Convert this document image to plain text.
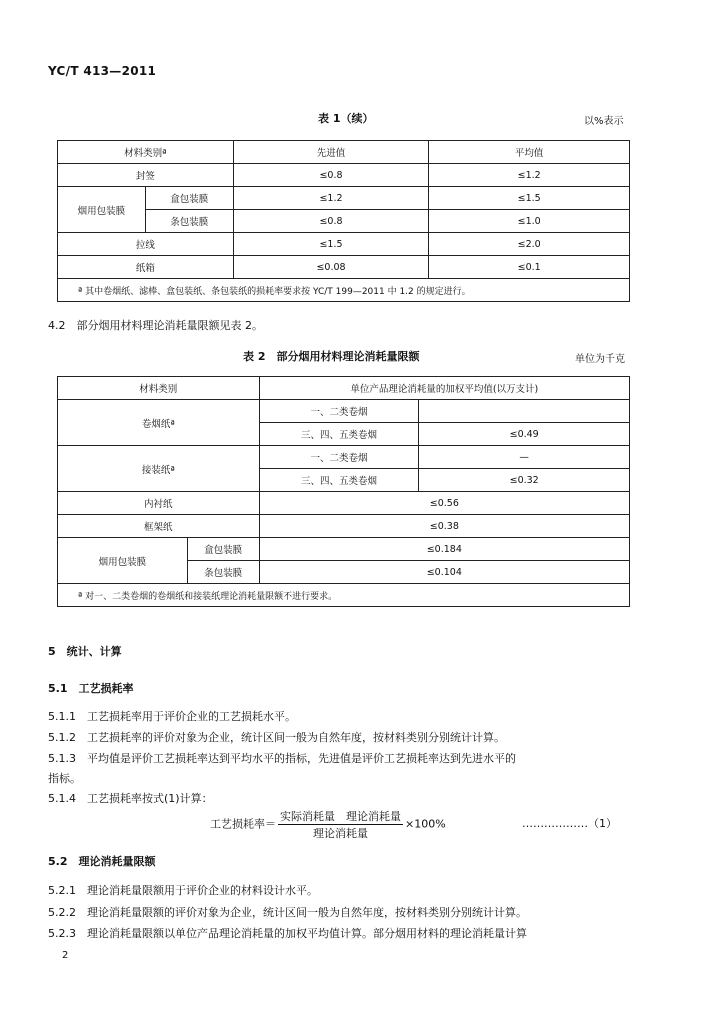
YC/T 413—2011
表 1（续）	以%表示
材料类别ª		先进值	平均值
封签		≤0.8	≤1.2
烟用包装膜	盒包装膜	≤1.2	≤1.5
	条包装膜	≤0.8	≤1.0
拉线		≤1.5	≤2.0
纸箱		≤0.08	≤0.1
ª 其中卷烟纸、滤棒、盒包装纸、条包装纸的损耗率要求按 YC/T 199—2011 中 1.2 的规定进行。			
4.2　部分烟用材料理论消耗量限额见表 2。
表 2　部分烟用材料理论消耗量限额	单位为千克
材料类别		单位产品理论消耗量的加权平均值(以万支计)	
卷烟纸ª		一、二类卷烟	
		三、四、五类卷烟	≤0.49
接装纸ª		一、二类卷烟	—
		三、四、五类卷烟	≤0.32
内衬纸		≤0.56	
框架纸		≤0.38	
烟用包装膜	盒包装膜	≤0.184	
	条包装膜	≤0.104	
ª 对一、二类卷烟的卷烟纸和接装纸理论消耗量限额不进行要求。			
5　统计、计算
5.1　工艺损耗率
5.1.1　工艺损耗率用于评价企业的工艺损耗水平。
5.1.2　工艺损耗率的评价对象为企业，统计区间一般为自然年度，按材料类别分别统计计算。
5.1.3　平均值是评价工艺损耗率达到平均水平的指标，先进值是评价工艺损耗率达到先进水平的
指标。
5.1.4　工艺损耗率按式(1)计算：
工艺损耗率＝ $\frac{\text{实际消耗量　理论消耗量}}{\text{理论消耗量}} \times 100\%$	………………（1）
5.2　理论消耗量限额
5.2.1　理论消耗量限额用于评价企业的材料设计水平。
5.2.2　理论消耗量限额的评价对象为企业，统计区间一般为自然年度，按材料类别分别统计计算。
5.2.3　理论消耗量限额以单位产品理论消耗量的加权平均值计算。部分烟用材料的理论消耗量计算
2
